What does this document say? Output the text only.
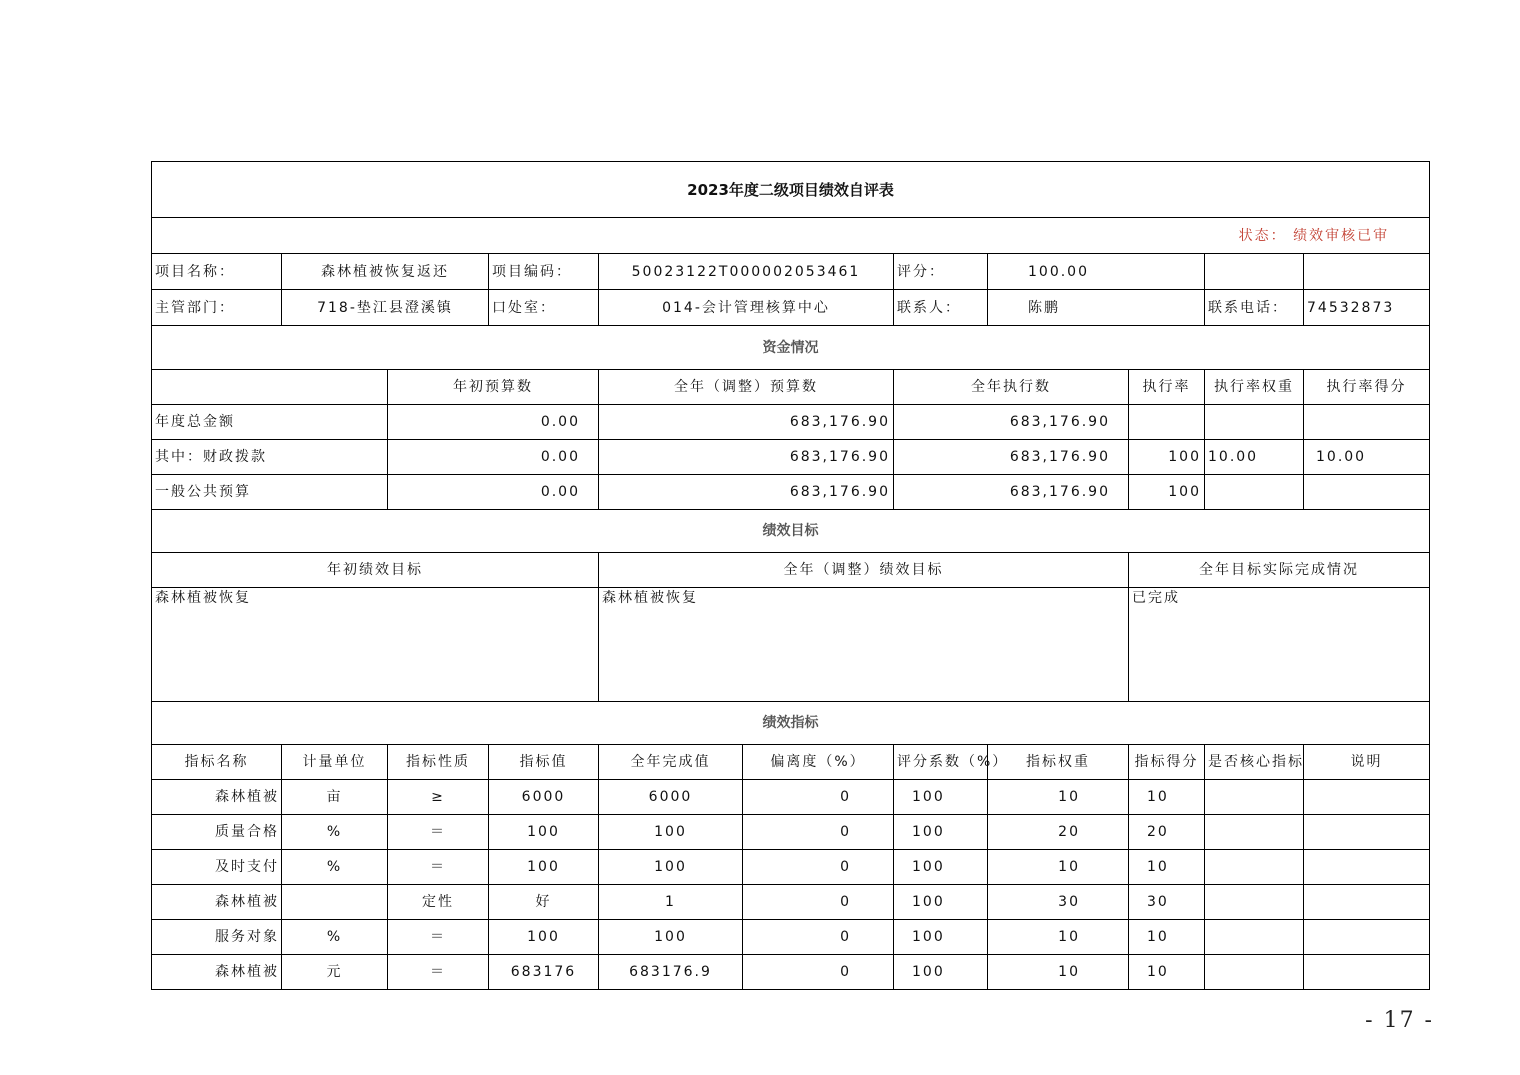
2023年度二级项目绩效自评表										
状态： 绩效审核已审										
项目名称：	森林植被恢复返还		项目编码：	50023122T000002053461		评分：	100.00			
主管部门：	718-垫江县澄溪镇		口处室：	014-会计管理核算中心		联系人：	陈鹏		联系电话：	74532873
资金情况										
		年初预算数		全年（调整）预算数		全年执行数		执行率	执行率权重	执行率得分
年度总金额		0.00		683,176.90		683,176.90				

其中：财政拨款		0.00		683,176.90		683,176.90		100	10.00	10.00

一般公共预算		0.00		683,176.90		683,176.90		100		
绩效目标										
年初绩效目标				全年（调整）绩效目标				全年目标实际完成情况		
森林植被恢复				森林植被恢复				已完成		
绩效指标										
指标名称	计量单位	指标性质	指标值	全年完成值	偏离度（%）	评分系数（%）	指标权重	指标得分	是否核心指标	说明
森林植被	亩	≥	6000	6000	0	100	10	10		
质量合格	%	＝	100	100	0	100	20	20		
及时支付	%	＝	100	100	0	100	10	10		
森林植被		定性	好	1	0	100	30	30		
服务对象	%	＝	100	100	0	100	10	10		
森林植被	元	＝	683176	683176.9	0	100	10	10		
- 17 -
